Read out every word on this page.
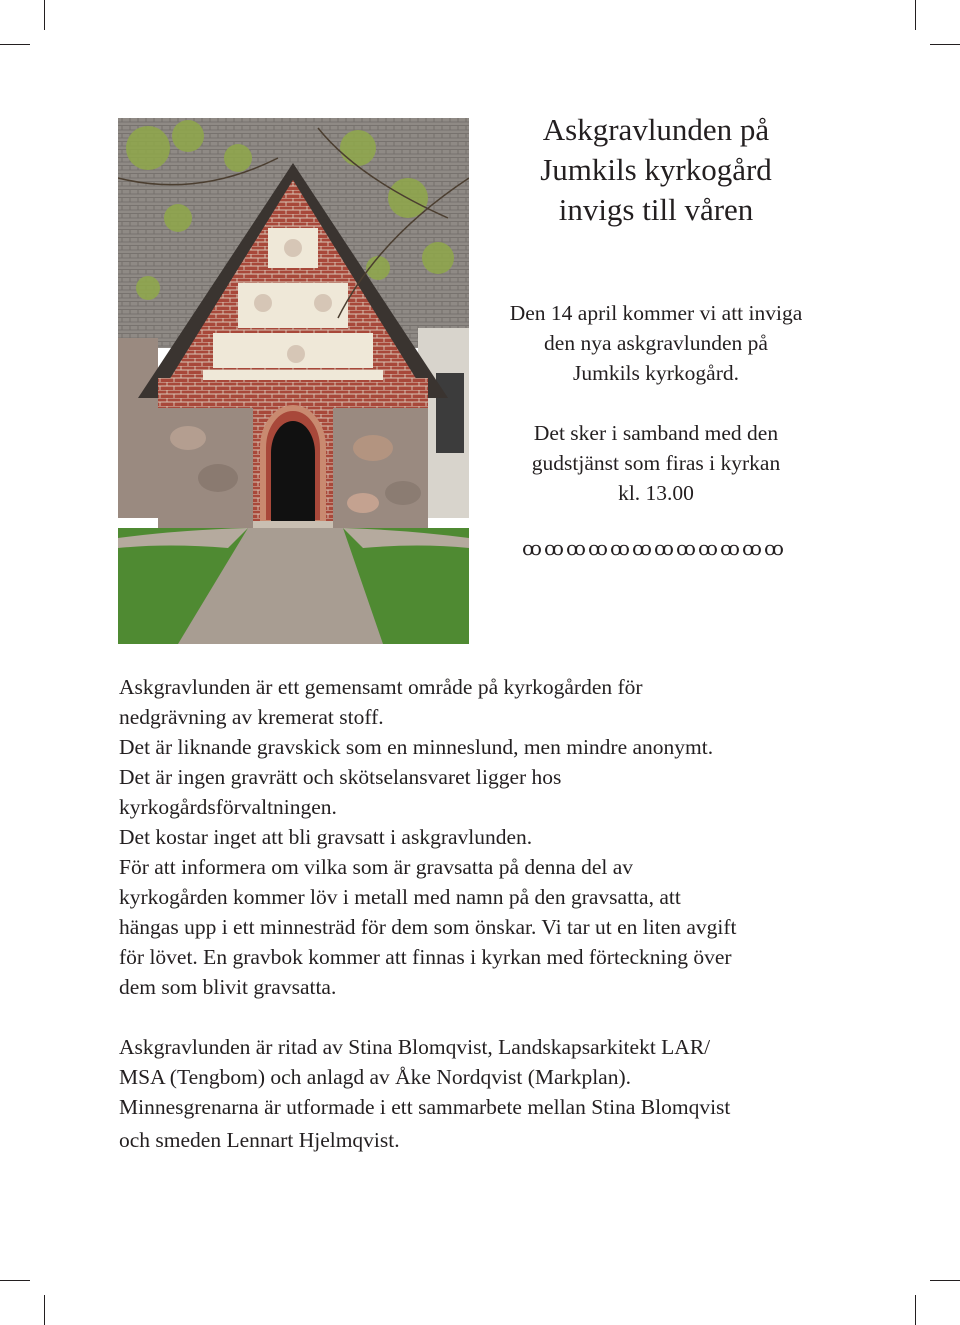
Askgravlunden på
Jumkils kyrkogård
invigs till våren
Den 14 april kommer vi att inviga
den nya askgravlunden på
Jumkils kyrkogård.
Det sker i samband med den
gudstjänst som firas i kyrkan
kl. 13.00
ꝏ ꝏ ꝏ ꝏ ꝏ ꝏ ꝏ ꝏ ꝏ ꝏ ꝏ ꝏ
Askgravlunden är ett gemensamt område på kyrkogården för
nedgrävning av kremerat stoff.
Det är liknande gravskick som en minneslund, men mindre anonymt.
Det är ingen gravrätt och skötselansvaret ligger hos
kyrkogårdsförvaltningen.
Det kostar inget att bli gravsatt i askgravlunden.
För att informera om vilka som är gravsatta på denna del av
kyrkogården kommer löv i metall med namn på den gravsatta, att
hängas upp i ett minnesträd för dem som önskar. Vi tar ut en liten avgift
för lövet. En gravbok kommer att finnas i kyrkan med förteckning över
dem som blivit gravsatta.
Askgravlunden är ritad av Stina Blomqvist, Landskapsarkitekt LAR/
MSA (Tengbom) och anlagd av Åke Nordqvist (Markplan).
Minnesgrenarna är utformade i ett sammarbete mellan Stina Blomqvist
och smeden Lennart Hjelmqvist.
